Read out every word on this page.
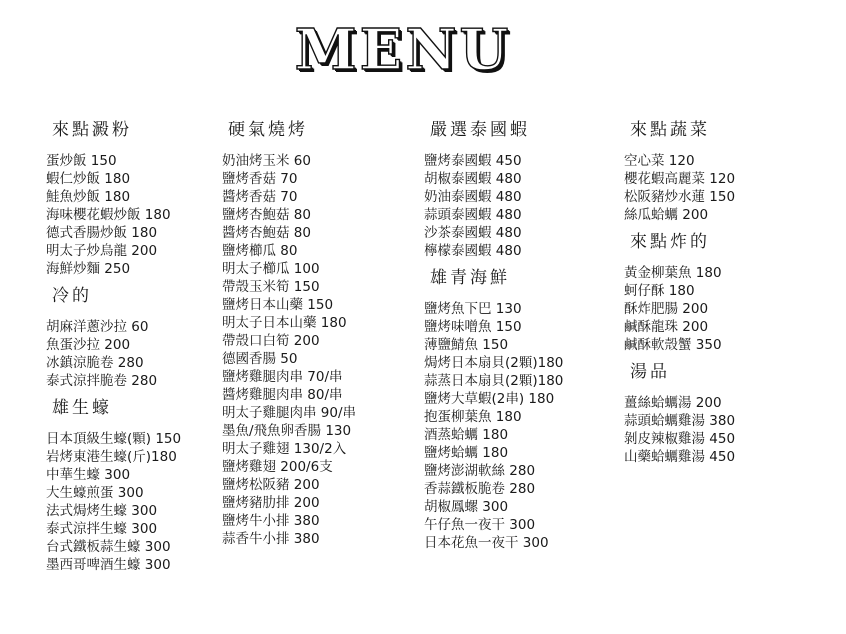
MENU
來點澱粉
蛋炒飯 150
蝦仁炒飯 180
鮭魚炒飯 180
海味櫻花蝦炒飯 180
德式香腸炒飯 180
明太子炒烏龍 200
海鮮炒麵 250
冷的
胡麻洋蔥沙拉 60
魚蛋沙拉 200
冰鎮涼脆卷 280
泰式涼拌脆卷 280
雄生蠔
日本頂級生蠔(顆) 150
岩烤東港生蠔(斤)180
中華生蠔 300
大生蠔煎蛋 300
法式焗烤生蠔 300
泰式涼拌生蠔 300
台式鐵板蒜生蠔 300
墨西哥啤酒生蠔 300
硬氣燒烤
奶油烤玉米 60
鹽烤香菇 70
醬烤香菇 70
鹽烤杏鮑菇 80
醬烤杏鮑菇 80
鹽烤櫛瓜 80
明太子櫛瓜 100
帶殼玉米筍 150
鹽烤日本山藥 150
明太子日本山藥 180
帶殼口白筍 200
德國香腸 50
鹽烤雞腿肉串 70/串
醬烤雞腿肉串 80/串
明太子雞腿肉串 90/串
墨魚/飛魚卵香腸 130
明太子雞翅 130/2入
鹽烤雞翅 200/6支
鹽烤松阪豬 200
鹽烤豬肋排 200
鹽烤牛小排 380
蒜香牛小排 380
嚴選泰國蝦
鹽烤泰國蝦 450
胡椒泰國蝦 480
奶油泰國蝦 480
蒜頭泰國蝦 480
沙茶泰國蝦 480
檸檬泰國蝦 480
雄青海鮮
鹽烤魚下巴 130
鹽烤味噌魚 150
薄鹽鯖魚 150
焗烤日本扇貝(2顆)180
蒜蒸日本扇貝(2顆)180
鹽烤大草蝦(2串) 180
抱蛋柳葉魚 180
酒蒸蛤蠣 180
鹽烤蛤蠣 180
鹽烤澎湖軟絲 280
香蒜鐵板脆卷 280
胡椒鳳螺 300
午仔魚一夜干 300
日本花魚一夜干 300
來點蔬菜
空心菜 120
櫻花蝦高麗菜 120
松阪豬炒水蓮 150
絲瓜蛤蠣 200
來點炸的
黃金柳葉魚 180
蚵仔酥 180
酥炸肥腸 200
鹹酥龍珠 200
鹹酥軟殼蟹 350
湯品
薑絲蛤蠣湯 200
蒜頭蛤蠣雞湯 380
剝皮辣椒雞湯 450
山藥蛤蠣雞湯 450
